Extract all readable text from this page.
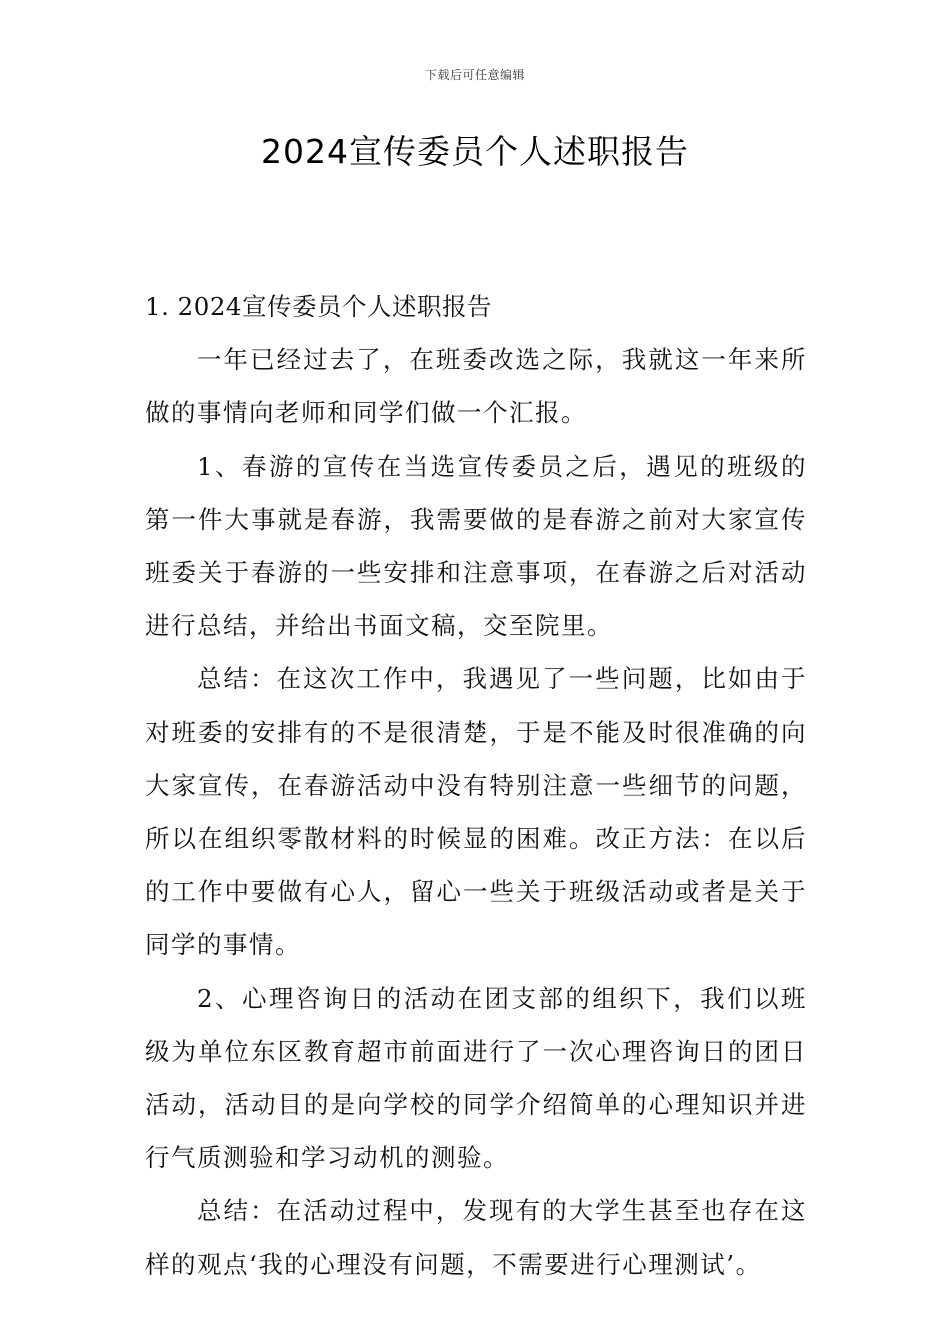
下载后可任意编辑
2024宣传委员个人述职报告

1. 2024宣传委员个人述职报告

一年已经过去了，在班委改选之际，我就这一年来所做的事情向老师和同学们做一个汇报。

1、春游的宣传在当选宣传委员之后，遇见的班级的第一件大事就是春游，我需要做的是春游之前对大家宣传班委关于春游的一些安排和注意事项，在春游之后对活动进行总结，并给出书面文稿，交至院里。

总结：在这次工作中，我遇见了一些问题，比如由于对班委的安排有的不是很清楚，于是不能及时很准确的向大家宣传，在春游活动中没有特别注意一些细节的问题，所以在组织零散材料的时候显的困难。改正方法：在以后的工作中要做有心人，留心一些关于班级活动或者是关于同学的事情。

2、心理咨询日的活动在团支部的组织下，我们以班级为单位东区教育超市前面进行了一次心理咨询日的团日活动，活动目的是向学校的同学介绍简单的心理知识并进行气质测验和学习动机的测验。

总结：在活动过程中，发现有的大学生甚至也存在这样的观点‘我的心理没有问题，不需要进行心理测试’。
